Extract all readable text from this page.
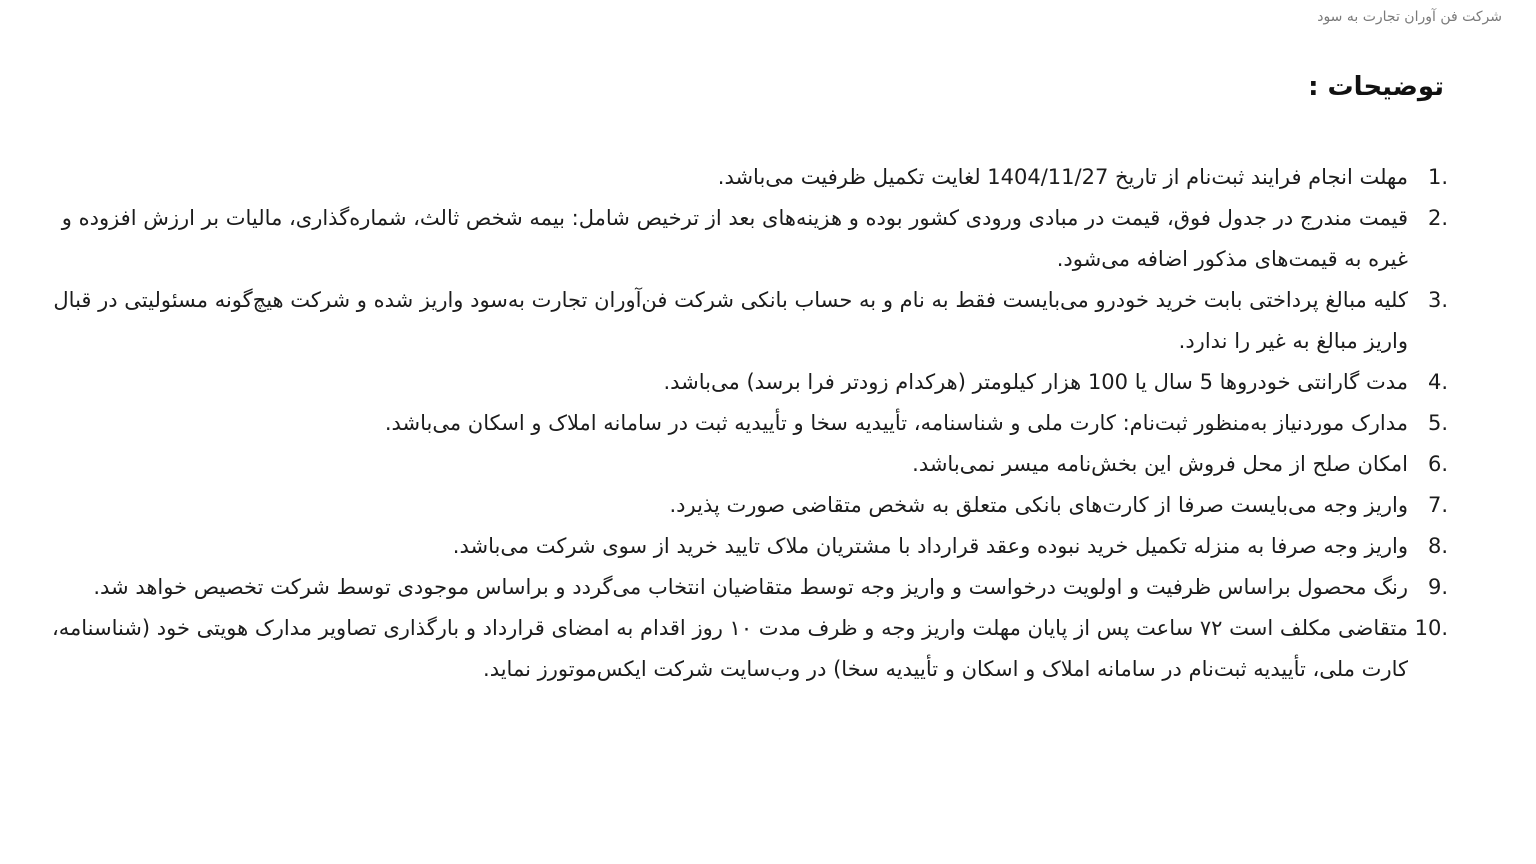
شرکت فن آوران تجارت به سود
توضیحات :
1.
مهلت انجام فرایند ثبت‌نام از تاریخ 1404/11/27 لغایت تکمیل ظرفیت می‌باشد.
2.
قیمت مندرج در جدول فوق، قیمت در مبادی ورودی کشور بوده و هزینه‌های بعد از ترخیص شامل: بیمه شخص ثالث، شماره‌گذاری، مالیات بر ارزش افزوده و غیره به قیمت‌های مذکور اضافه می‌شود.
3.
کلیه مبالغ پرداختی بابت خرید خودرو می‌بایست فقط به نام و به حساب بانکی شرکت فن‌آوران تجارت به‌سود واریز شده و شرکت هیچ‌گونه مسئولیتی در قبال واریز مبالغ به غیر را ندارد.
4.
مدت گارانتی خودروها 5 سال یا 100 هزار کیلومتر (هرکدام زودتر فرا برسد) می‌باشد.
5.
مدارک موردنیاز به‌منظور ثبت‌نام: کارت ملی و شناسنامه، تأییدیه سخا و تأییدیه ثبت در سامانه املاک و اسکان می‌باشد.
6.
امکان صلح از محل فروش این بخش‌نامه میسر نمی‌باشد.
7.
واریز وجه می‌بایست صرفا از کارت‌های بانکی متعلق به شخص متقاضی صورت پذیرد.
8.
واریز وجه صرفا به منزله تکمیل خرید نبوده وعقد قرارداد با مشتریان ملاک تایید خرید از سوی شرکت می‌باشد.
9.
رنگ محصول براساس ظرفیت و اولویت درخواست و واریز وجه توسط متقاضیان انتخاب می‌گردد و براساس موجودی توسط شرکت تخصیص خواهد شد.
10.
متقاضی مکلف است ۷۲ ساعت پس از پایان مهلت واریز وجه و ظرف مدت ۱۰ روز اقدام به امضای قرارداد و بارگذاری تصاویر مدارک هویتی خود (شناسنامه، کارت ملی، تأییدیه ثبت‌نام در سامانه املاک و اسکان و تأییدیه سخا) در وب‌سایت شرکت ایکس‌موتورز نماید.
